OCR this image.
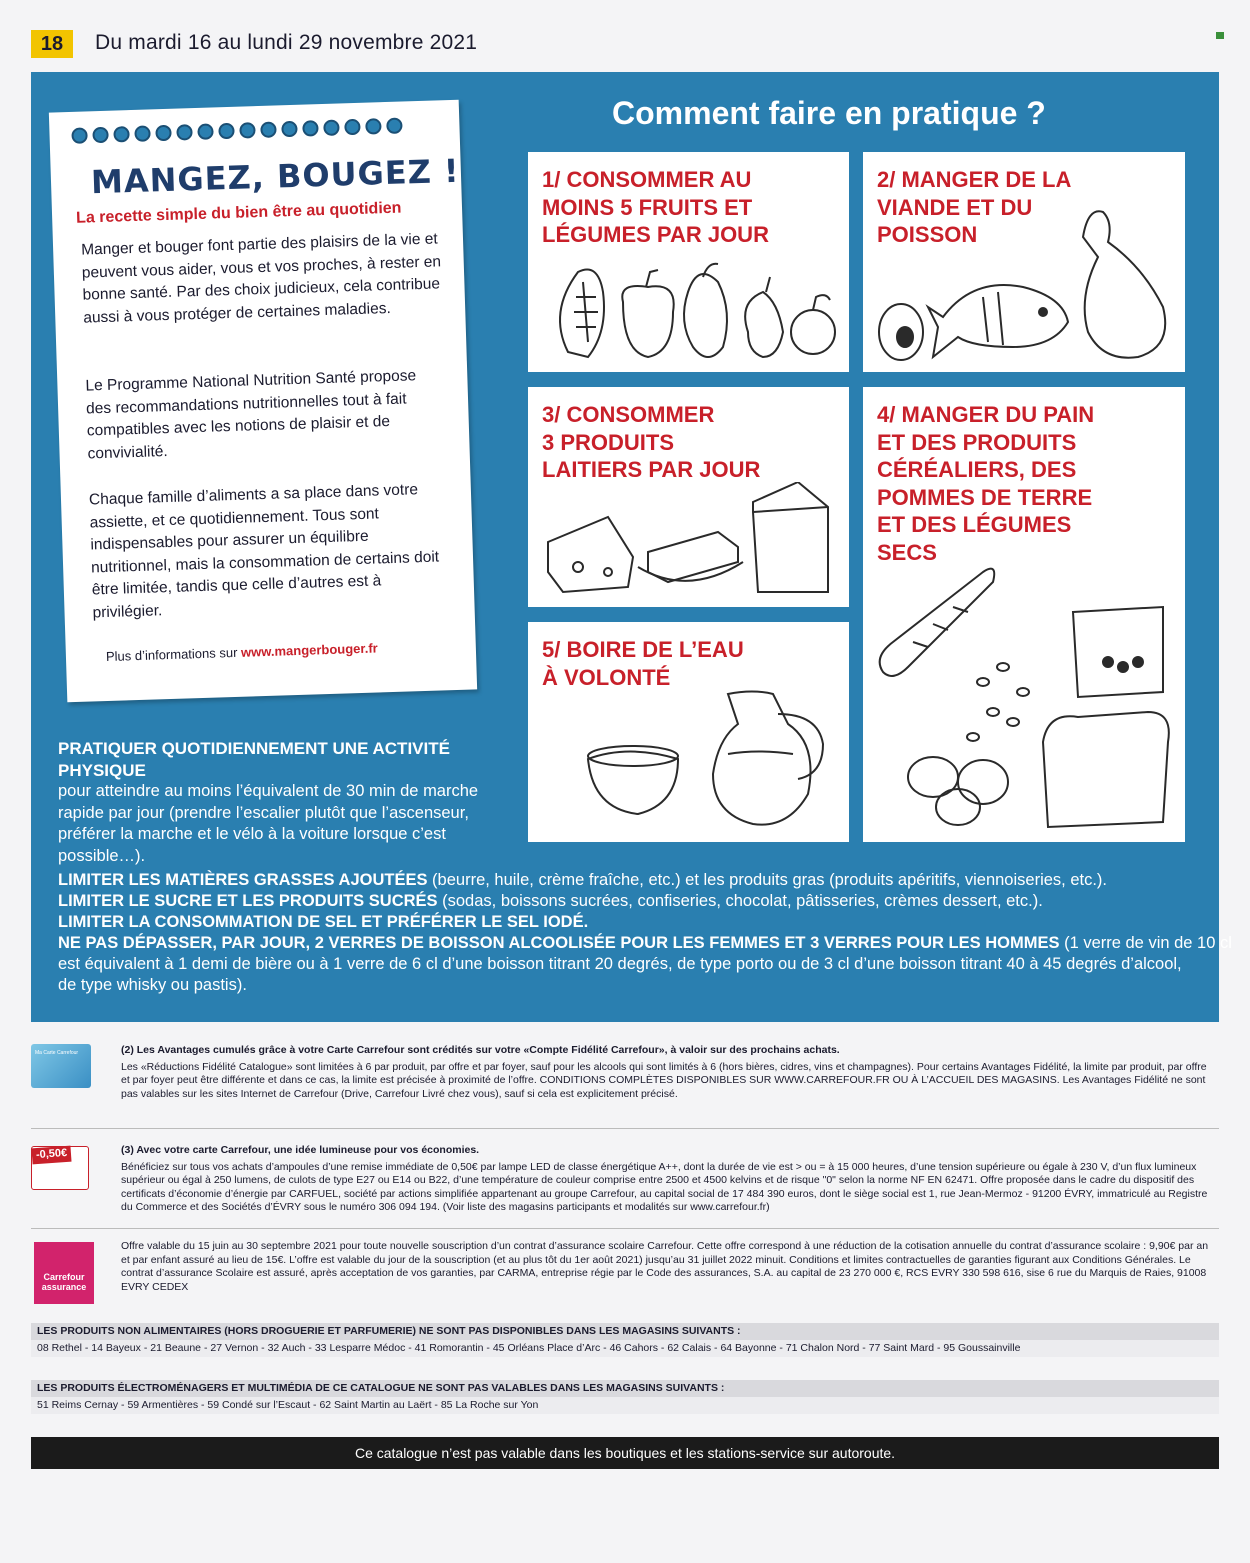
18	Du mardi 16 au lundi 29 novembre 2021
MANGEZ, BOUGEZ !
La recette simple du bien être au quotidien

Manger et bouger font partie des plaisirs de la vie et peuvent vous aider, vous et vos proches, à rester en bonne santé. Par des choix judicieux, cela contribue aussi à vous protéger de certaines maladies.

Le Programme National Nutrition Santé propose des recommandations nutritionnelles tout à fait compatibles avec les notions de plaisir et de convivialité.

Chaque famille d’aliments a sa place dans votre assiette, et ce quotidiennement. Tous sont indispensables pour assurer un équilibre nutritionnel, mais la consommation de certains doit être limitée, tandis que celle d’autres est à privilégier.

Plus d’informations sur www.mangerbouger.fr
Comment faire en pratique ?
1/ CONSOMMER AU
MOINS 5 FRUITS ET
LÉGUMES PAR JOUR
2/ MANGER DE LA
VIANDE ET DU
POISSON
3/ CONSOMMER
3 PRODUITS
LAITIERS PAR JOUR
4/ MANGER DU PAIN
ET DES PRODUITS
CÉRÉALIERS, DES
POMMES DE TERRE
ET DES LÉGUMES
SECS
5/ BOIRE DE L’EAU
À VOLONTÉ
PRATIQUER QUOTIDIENNEMENT UNE ACTIVITÉ PHYSIQUE
pour atteindre au moins l’équivalent de 30 min de marche rapide par jour (prendre l’escalier plutôt que l’ascenseur, préférer la marche et le vélo à la voiture lorsque c’est possible…).
LIMITER LES MATIÈRES GRASSES AJOUTÉES (beurre, huile, crème fraîche, etc.) et les produits gras (produits apéritifs, viennoiseries, etc.).
LIMITER LE SUCRE ET LES PRODUITS SUCRÉS (sodas, boissons sucrées, confiseries, chocolat, pâtisseries, crèmes dessert, etc.).
LIMITER LA CONSOMMATION DE SEL ET PRÉFÉRER LE SEL IODÉ.
NE PAS DÉPASSER, PAR JOUR, 2 VERRES DE BOISSON ALCOOLISÉE POUR LES FEMMES ET 3 VERRES POUR LES HOMMES (1 verre de vin de 10 cl
est équivalent à 1 demi de bière ou à 1 verre de 6 cl d’une boisson titrant 20 degrés, de type porto ou de 3 cl d’une boisson titrant 40 à 45 degrés d’alcool,
de type whisky ou pastis).
Ma Carte Carrefour	(2) Les Avantages cumulés grâce à votre Carte Carrefour sont crédités sur votre «Compte Fidélité Carrefour», à valoir sur des prochains achats.
Les «Réductions Fidélité Catalogue» sont limitées à 6 par produit, par offre et par foyer, sauf pour les alcools qui sont limités à 6 (hors bières, cidres, vins et champagnes). Pour certains Avantages Fidélité, la limite par produit, par offre et par foyer peut être différente et dans ce cas, la limite est précisée à proximité de l’offre. CONDITIONS COMPLÈTES DISPONIBLES SUR WWW.CARREFOUR.FR OU À L’ACCUEIL DES MAGASINS. Les Avantages Fidélité ne sont pas valables sur les sites Internet de Carrefour (Drive, Carrefour Livré chez vous), sauf si cela est explicitement précisé.
-0,50€	(3) Avec votre carte Carrefour, une idée lumineuse pour vos économies.
Bénéficiez sur tous vos achats d’ampoules d’une remise immédiate de 0,50€ par lampe LED de classe énergétique A++, dont la durée de vie est > ou = à 15 000 heures, d’une tension supérieure ou égale à 230 V, d’un flux lumineux supérieur ou égal à 250 lumens, de culots de type E27 ou E14 ou B22, d’une température de couleur comprise entre 2500 et 4500 kelvins et de risque "0" selon la norme NF EN 62471. Offre proposée dans le cadre du dispositif des certificats d’économie d’énergie par CARFUEL, société par actions simplifiée appartenant au groupe Carrefour, au capital social de 17 484 390 euros, dont le siège social est 1, rue Jean-Mermoz - 91200 ÉVRY, immatriculé au Registre du Commerce et des Sociétés d’ÉVRY sous le numéro 306 094 194. (Voir liste des magasins participants et modalités sur www.carrefour.fr)
Carrefour
assurance
Offre valable du 15 juin au 30 septembre 2021 pour toute nouvelle souscription d’un contrat d’assurance scolaire Carrefour. Cette offre correspond à une réduction de la cotisation annuelle du contrat d’assurance scolaire : 9,90€ par an et par enfant assuré au lieu de 15€. L’offre est valable du jour de la souscription (et au plus tôt du 1er août 2021) jusqu’au 31 juillet 2022 minuit. Conditions et limites contractuelles de garanties figurant aux Conditions Générales. Le contrat d’assurance Scolaire est assuré, après acceptation de vos garanties, par CARMA, entreprise régie par le Code des assurances, S.A. au capital de 23 270 000 €, RCS EVRY 330 598 616, sise 6 rue du Marquis de Raies, 91008 EVRY CEDEX
LES PRODUITS NON ALIMENTAIRES (HORS DROGUERIE ET PARFUMERIE) NE SONT PAS DISPONIBLES DANS LES MAGASINS SUIVANTS :
08 Rethel - 14 Bayeux - 21 Beaune - 27 Vernon - 32 Auch - 33 Lesparre Médoc - 41 Romorantin - 45 Orléans Place d’Arc - 46 Cahors - 62 Calais - 64 Bayonne - 71 Chalon Nord - 77 Saint Mard - 95 Goussainville
LES PRODUITS ÉLECTROMÉNAGERS ET MULTIMÉDIA DE CE CATALOGUE NE SONT PAS VALABLES DANS LES MAGASINS SUIVANTS :
51 Reims Cernay - 59 Armentières - 59 Condé sur l’Escaut - 62 Saint Martin au Laërt - 85 La Roche sur Yon
Ce catalogue n’est pas valable dans les boutiques et les stations-service sur autoroute.
